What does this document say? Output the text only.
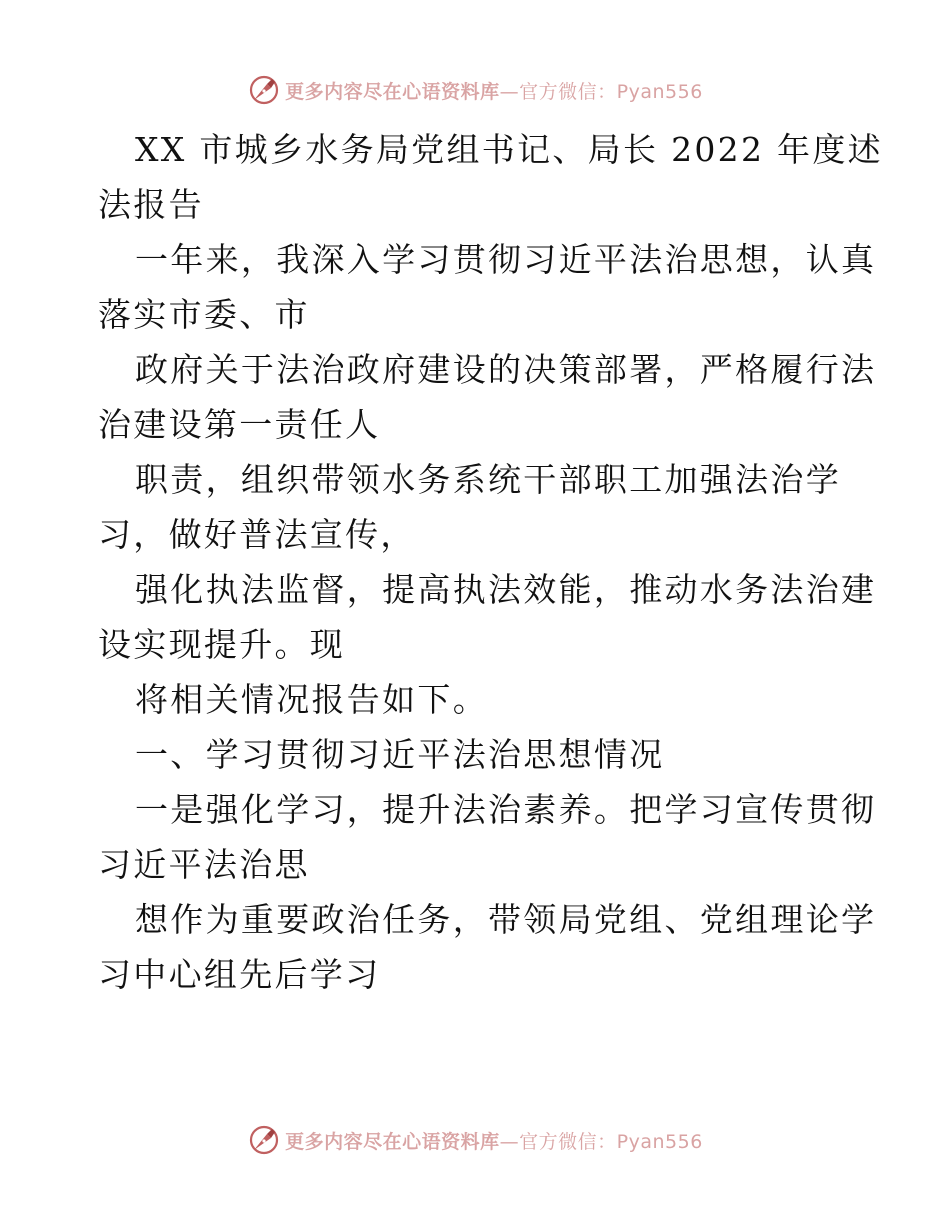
更多内容尽在心语资料库—官方微信：Pyan556
XX 市城乡水务局党组书记、局长 2022 年度述
法报告
一年来，我深入学习贯彻习近平法治思想，认真
落实市委、市
政府关于法治政府建设的决策部署，严格履行法
治建设第一责任人
职责，组织带领水务系统干部职工加强法治学
习，做好普法宣传，
强化执法监督，提高执法效能，推动水务法治建
设实现提升。现
将相关情况报告如下。
一、学习贯彻习近平法治思想情况
一是强化学习，提升法治素养。把学习宣传贯彻
习近平法治思
想作为重要政治任务，带领局党组、党组理论学
习中心组先后学习
更多内容尽在心语资料库—官方微信：Pyan556
